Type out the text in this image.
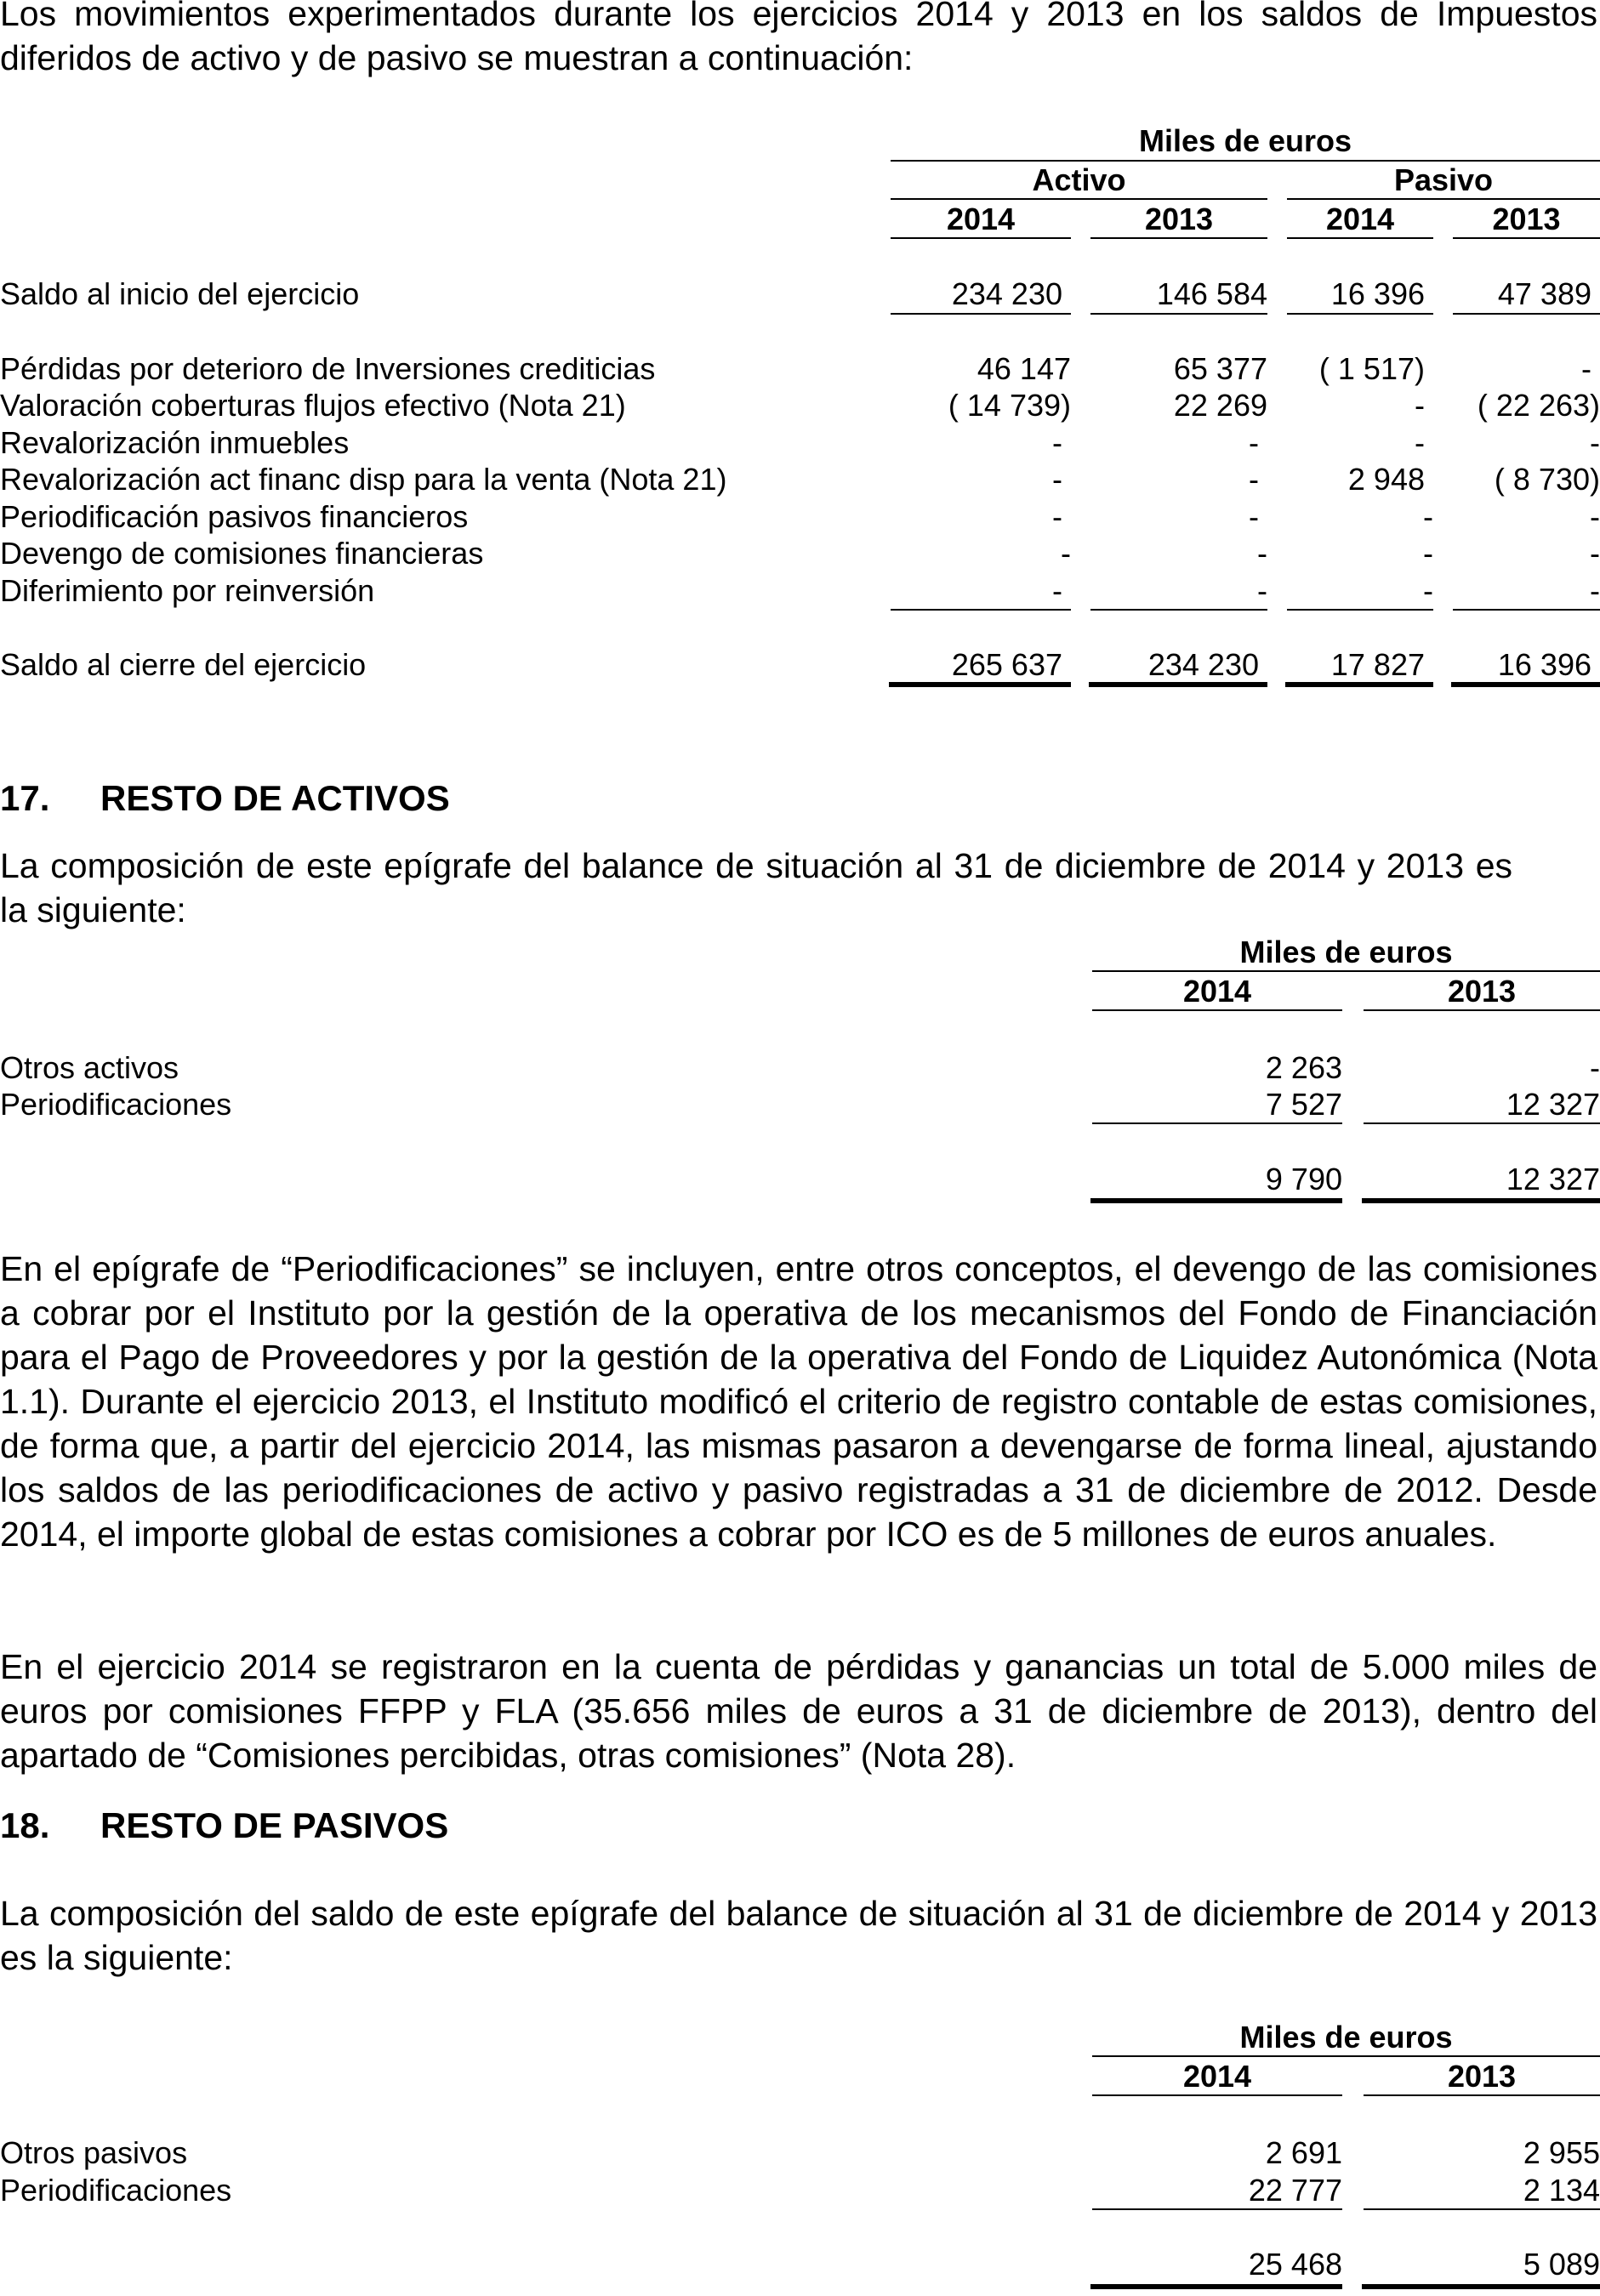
Los movimientos experimentados durante los ejercicios 2014 y 2013 en los saldos de Impuestos diferidos de activo y de pasivo se muestran a continuación:

Miles de euros
Activo	Pasivo
2014	2013	2014	2013
Saldo al inicio del ejercicio	234 230	146 584	16 396	47 389
Pérdidas por deterioro de Inversiones crediticias	46 147	65 377	( 1 517)	-
Valoración coberturas flujos efectivo (Nota 21)	( 14 739)	22 269	-	( 22 263)
Revalorización inmuebles	-	-	-	-
Revalorización act financ disp para la venta (Nota 21)	-	-	2 948	( 8 730)
Periodificación pasivos financieros	-	-	-	-
Devengo de comisiones financieras	-	-	-	-
Diferimiento por reinversión	-	-	-	-
Saldo al cierre del ejercicio	265 637	234 230	17 827	16 396
17. RESTO DE ACTIVOS

La composición de este epígrafe del balance de situación al 31 de diciembre de 2014 y 2013 es la siguiente:

Miles de euros
2014	2013
Otros activos	2 263	-
Periodificaciones	7 527	12 327
9 790	12 327

En el epígrafe de “Periodificaciones” se incluyen, entre otros conceptos, el devengo de las comisiones a cobrar por el Instituto por la gestión de la operativa de los mecanismos del Fondo de Financiación para el Pago de Proveedores y por la gestión de la operativa del Fondo de Liquidez Autonómica (Nota 1.1). Durante el ejercicio 2013, el Instituto modificó el criterio de registro contable de estas comisiones, de forma que, a partir del ejercicio 2014, las mismas pasaron a devengarse de forma lineal, ajustando los saldos de las periodificaciones de activo y pasivo registradas a 31 de diciembre de 2012. Desde 2014, el importe global de estas comisiones a cobrar por ICO es de 5 millones de euros anuales.

En el ejercicio 2014 se registraron en la cuenta de pérdidas y ganancias un total de 5.000 miles de euros por comisiones FFPP y FLA (35.656 miles de euros a 31 de diciembre de 2013), dentro del apartado de “Comisiones percibidas, otras comisiones” (Nota 28).

18. RESTO DE PASIVOS

La composición del saldo de este epígrafe del balance de situación al 31 de diciembre de 2014 y 2013 es la siguiente:

Miles de euros
2014	2013
Otros pasivos	2 691	2 955
Periodificaciones	22 777	2 134
25 468	5 089
